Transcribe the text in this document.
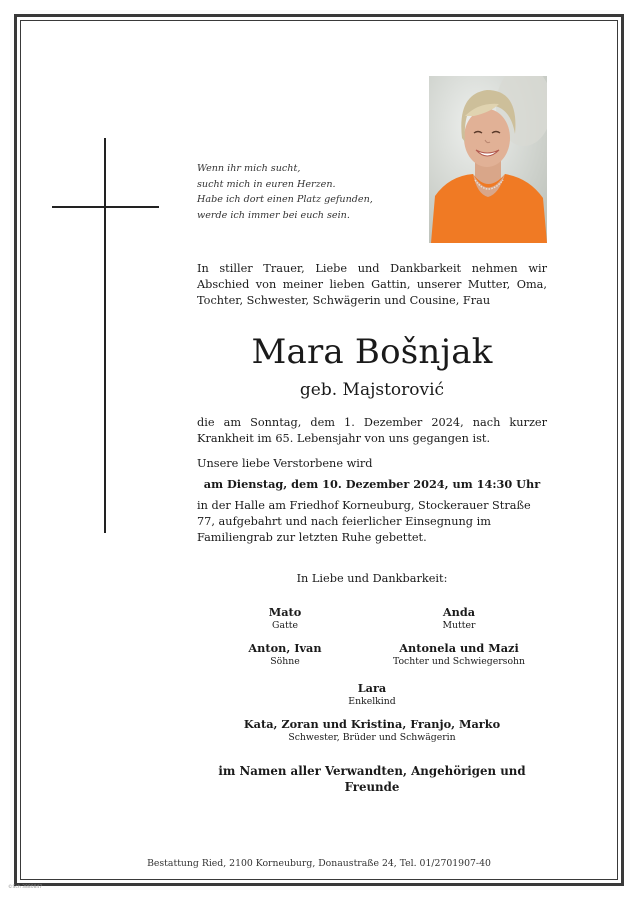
Wenn ihr mich sucht,
sucht mich in euren Herzen.
Habe ich dort einen Platz gefunden,
werde ich immer bei euch sein.
In stiller Trauer, Liebe und Dankbarkeit nehmen wir Abschied von meiner lieben Gattin, unserer Mutter, Oma, Tochter, Schwester, Schwägerin und Cousine, Frau
Mara Bošnjak
geb. Majstorović
die am Sonntag, dem 1. Dezember 2024, nach kurzer Krankheit im 65. Lebensjahr von uns gegangen ist.
Unsere liebe Verstorbene wird
am Dienstag, dem 10. Dezember 2024, um 14:30 Uhr
in der Halle am Friedhof Korneuburg, Stockerauer Straße 77, aufgebahrt und nach feierlicher Einsegnung im Familiengrab zur letzten Ruhe gebettet.
In Liebe und Dankbarkeit:
Mato
Gatte
Anda
Mutter
Anton, Ivan
Söhne
Antonela und Mazi
Tochter und Schwiegersohn
Lara
Enkelkind
Kata, Zoran und Kristina, Franjo, Marko
Schwester, Brüder und Schwägerin
im Namen aller Verwandten, Angehörigen und Freunde
Bestattung Ried, 2100 Korneuburg, Donaustraße 24, Tel. 01/2701907-40
©Sch 3880847
